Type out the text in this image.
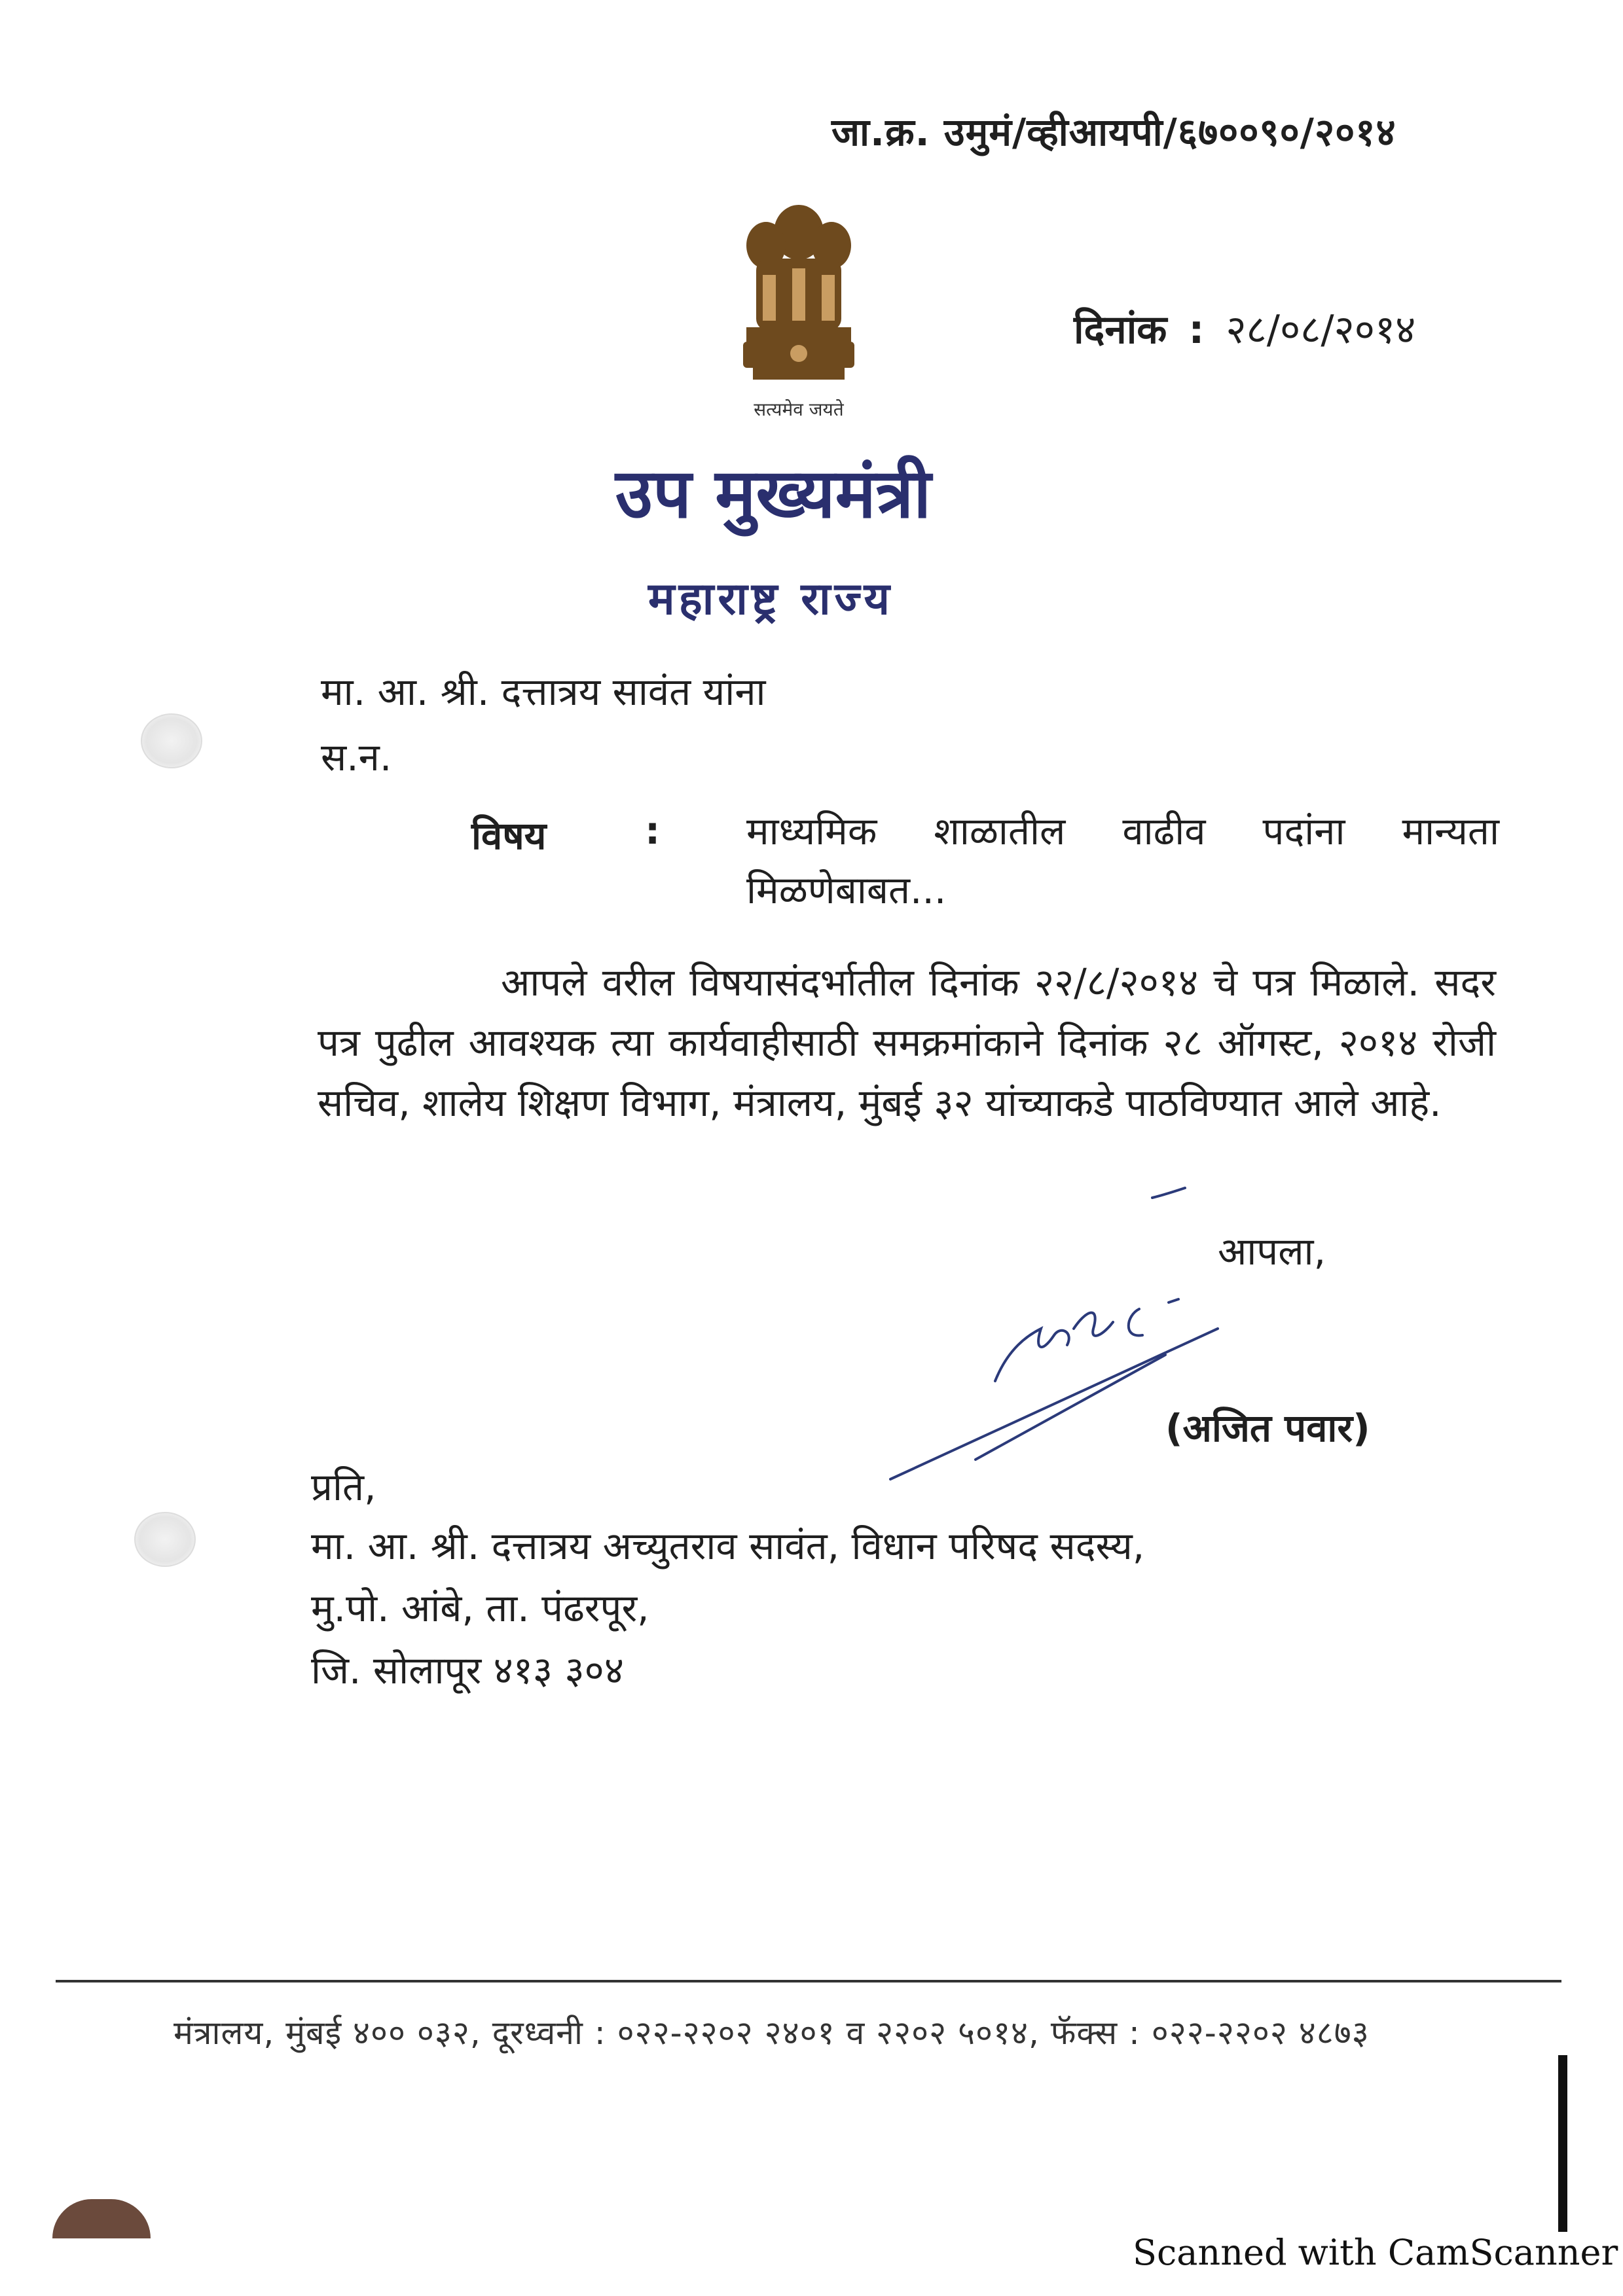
जा.क्र. उमुमं/व्हीआयपी/६७००९०/२०१४
सत्यमेव जयते
दिनांक : २८/०८/२०१४
उप मुख्यमंत्री
महाराष्ट्र राज्य
मा. आ. श्री. दत्तात्रय सावंत यांना
स.न.
विषय	: माध्यमिक शाळातील वाढीव पदांना मान्यता मिळणेबाबत...
आपले वरील विषयासंदर्भातील दिनांक २२/८/२०१४ चे पत्र मिळाले. सदर पत्र पुढील आवश्यक त्या कार्यवाहीसाठी समक्रमांकाने दिनांक २८ ऑगस्ट, २०१४ रोजी सचिव, शालेय शिक्षण विभाग, मंत्रालय, मुंबई ३२ यांच्याकडे पाठविण्यात आले आहे.
आपला,
(अजित पवार)
प्रति,
मा. आ. श्री. दत्तात्रय अच्युतराव सावंत, विधान परिषद सदस्य,
मु.पो. आंबे, ता. पंढरपूर,
जि. सोलापूर ४१३ ३०४
मंत्रालय, मुंबई ४०० ०३२, दूरध्वनी : ०२२-२२०२ २४०१ व २२०२ ५०१४, फॅक्स : ०२२-२२०२ ४८७३
Scanned with CamScanner
